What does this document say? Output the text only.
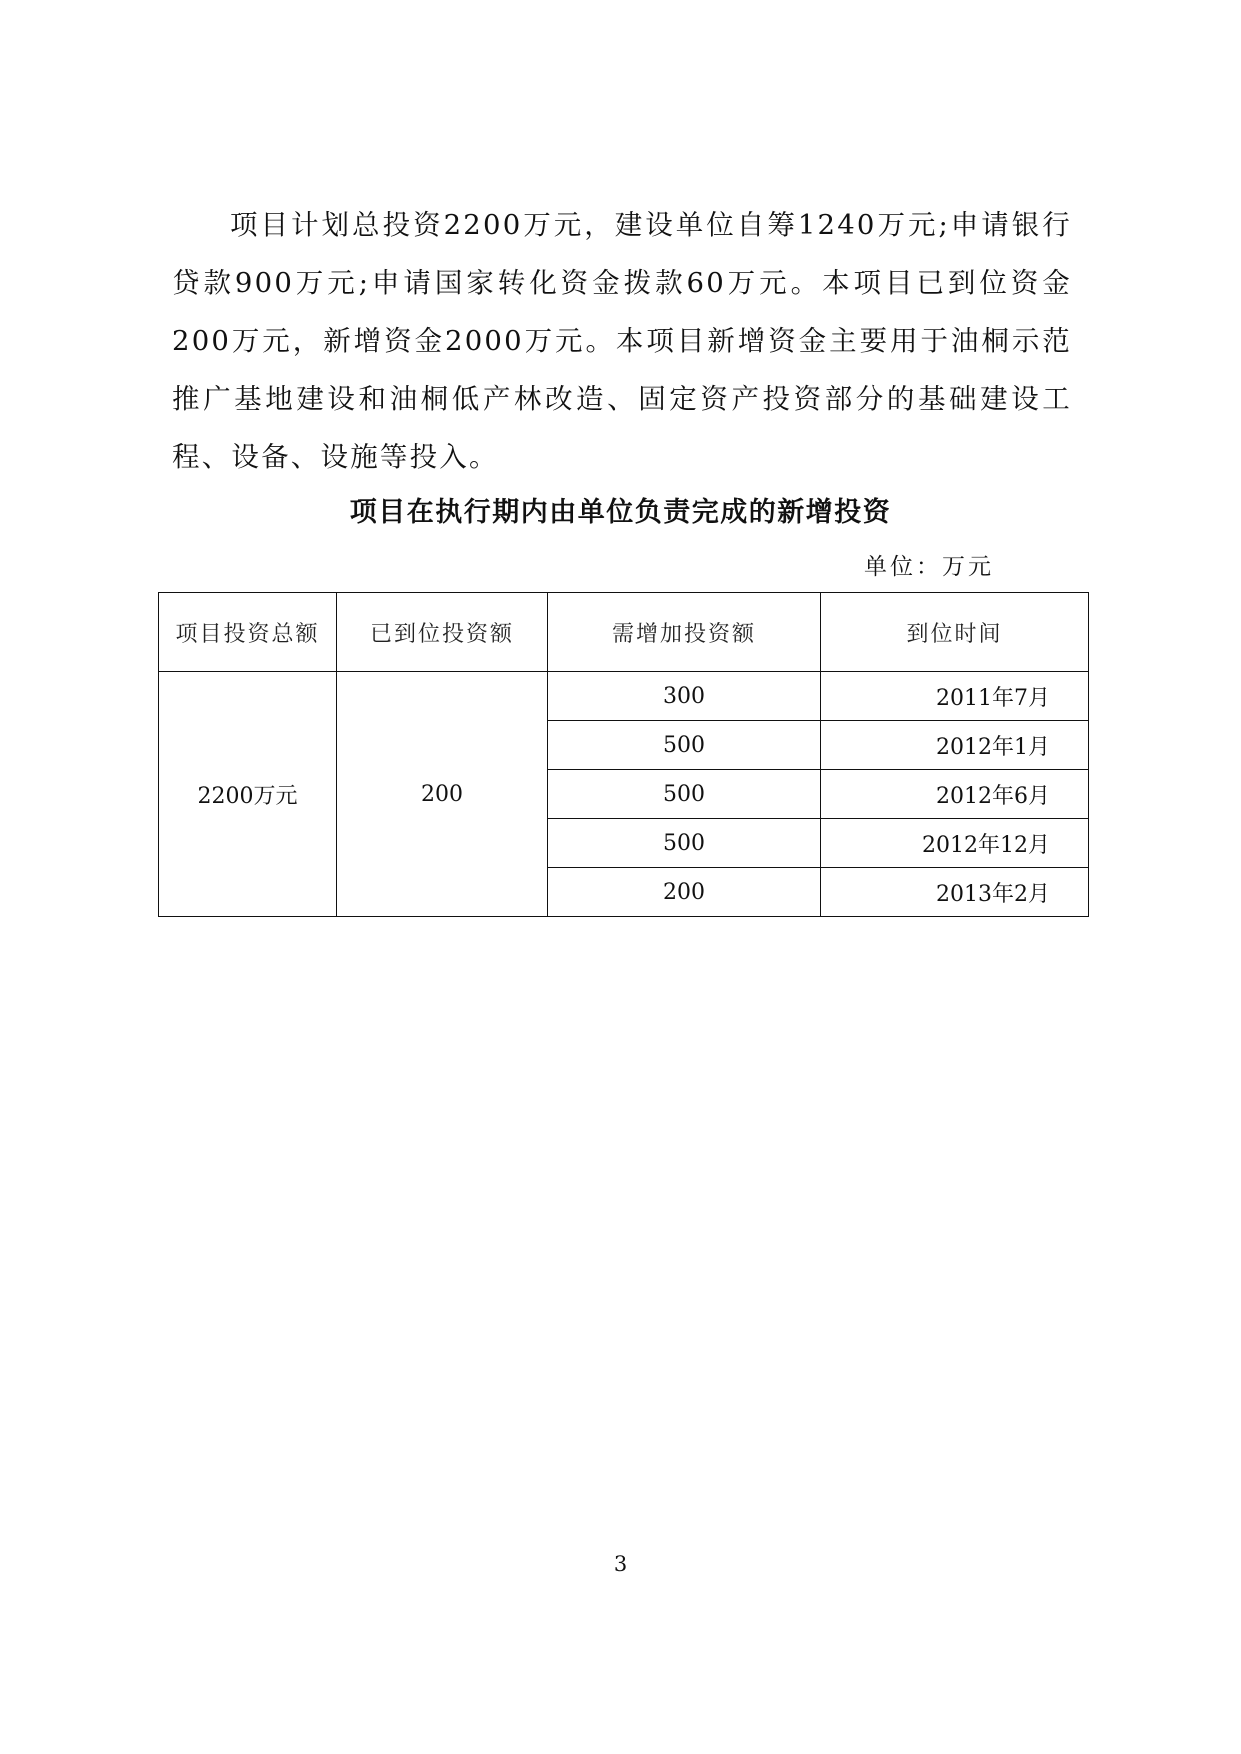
项目计划总投资2200万元，建设单位自筹1240万元;申请银行贷款900万元;申请国家转化资金拨款60万元。本项目已到位资金200万元，新增资金2000万元。本项目新增资金主要用于油桐示范推广基地建设和油桐低产林改造、固定资产投资部分的基础建设工程、设备、设施等投入。

项目在执行期内由单位负责完成的新增投资
单位：万元
项目投资总额	已到位投资额	需增加投资额	到位时间
2200万元	200	300	2011年7月
		500	2012年1月
		500	2012年6月
		500	2012年12月
		200	2013年2月
3
